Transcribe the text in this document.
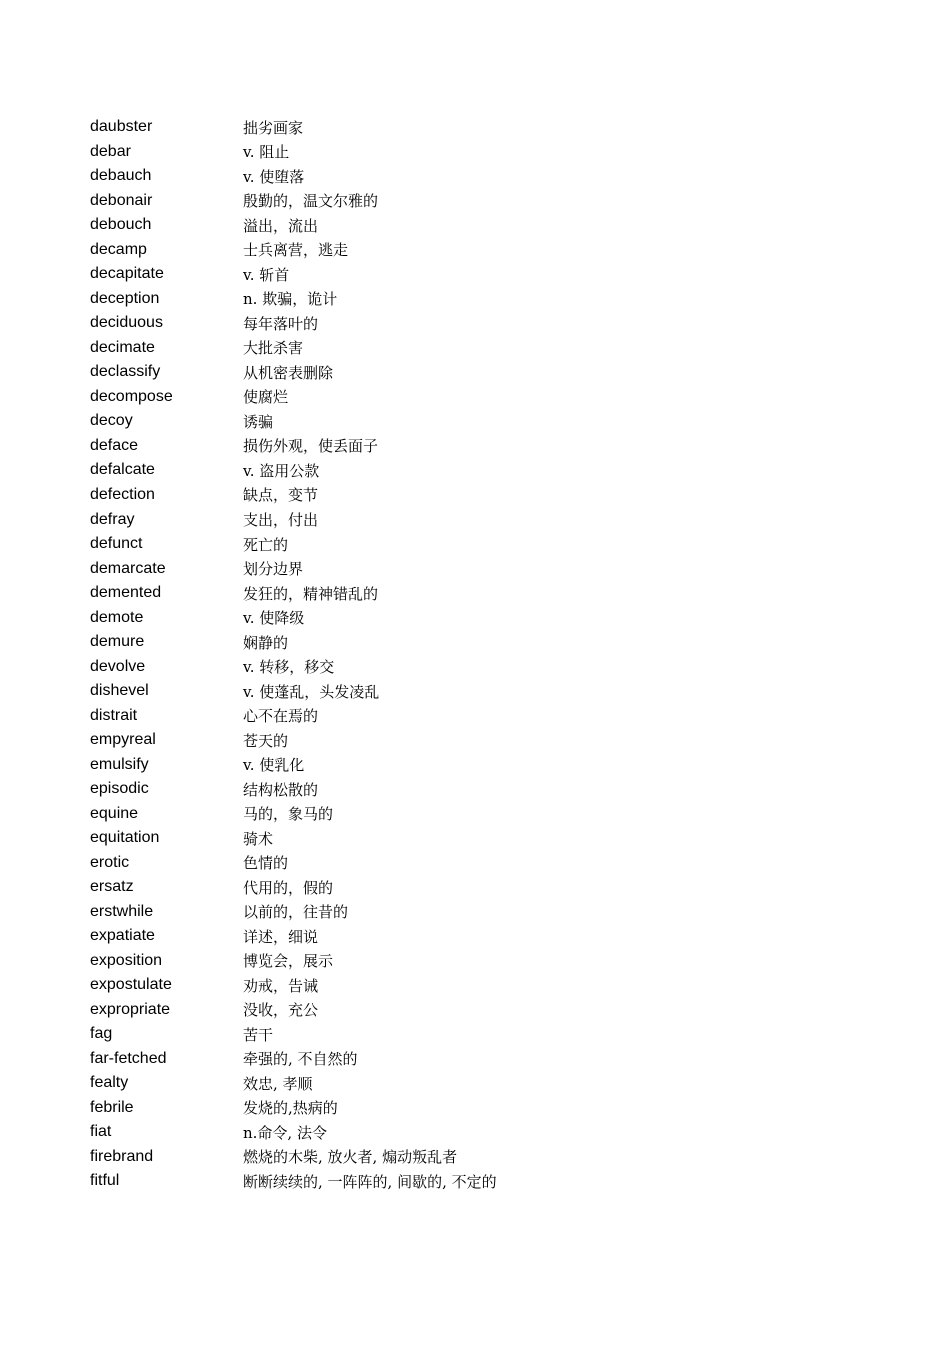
daubster	拙劣画家
debar	v. 阻止
debauch	v. 使堕落
debonair	殷勤的，温文尔雅的
debouch	溢出，流出
decamp	士兵离营，逃走
decapitate	v. 斩首
deception	n. 欺骗，诡计
deciduous	每年落叶的
decimate	大批杀害
declassify	从机密表删除
decompose	使腐烂
decoy	诱骗
deface	损伤外观，使丢面子
defalcate	v. 盗用公款
defection	缺点，变节
defray	支出，付出
defunct	死亡的
demarcate	划分边界
demented	发狂的，精神错乱的
demote	v. 使降级
demure	娴静的
devolve	v. 转移，移交
dishevel	v. 使蓬乱，头发凌乱
distrait	心不在焉的
empyreal	苍天的
emulsify	v. 使乳化
episodic	结构松散的
equine	马的，象马的
equitation	骑术
erotic	色情的
ersatz	代用的，假的
erstwhile	以前的，往昔的
expatiate	详述，细说
exposition	博览会，展示
expostulate	劝戒，告诫
expropriate	没收，充公
fag	苦干
far-fetched	牵强的, 不自然的
fealty	效忠, 孝顺
febrile	发烧的,热病的
fiat	n.命令, 法令
firebrand	燃烧的木柴, 放火者, 煽动叛乱者
fitful	断断续续的, 一阵阵的, 间歇的, 不定的
